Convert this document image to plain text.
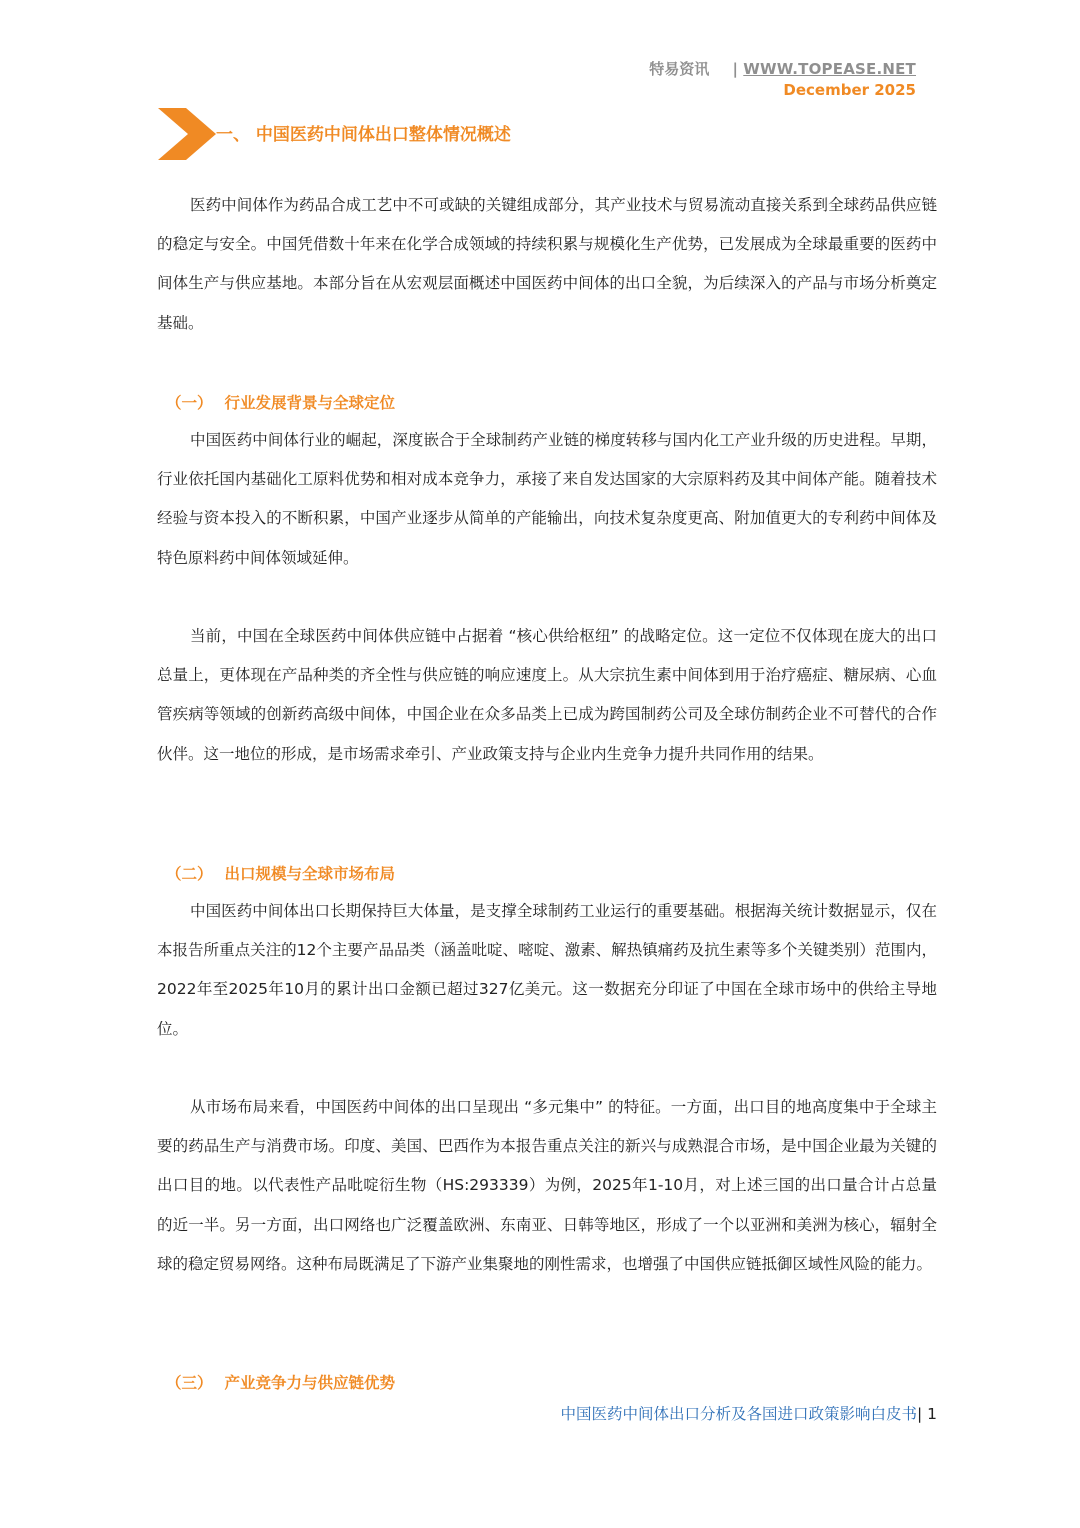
特易资讯 | WWW.TOPEASE.NET
December 2025
一、 中国医药中间体出口整体情况概述

医药中间体作为药品合成工艺中不可或缺的关键组成部分，其产业技术与贸易流动直接关系到全球药品供应链的稳定与安全。中国凭借数十年来在化学合成领域的持续积累与规模化生产优势，已发展成为全球最重要的医药中间体生产与供应基地。本部分旨在从宏观层面概述中国医药中间体的出口全貌，为后续深入的产品与市场分析奠定基础。

（一） 行业发展背景与全球定位

中国医药中间体行业的崛起，深度嵌合于全球制药产业链的梯度转移与国内化工产业升级的历史进程。早期，行业依托国内基础化工原料优势和相对成本竞争力，承接了来自发达国家的大宗原料药及其中间体产能。随着技术经验与资本投入的不断积累，中国产业逐步从简单的产能输出，向技术复杂度更高、附加值更大的专利药中间体及特色原料药中间体领域延伸。

当前，中国在全球医药中间体供应链中占据着 “核心供给枢纽” 的战略定位。这一定位不仅体现在庞大的出口总量上，更体现在产品种类的齐全性与供应链的响应速度上。从大宗抗生素中间体到用于治疗癌症、糖尿病、心血管疾病等领域的创新药高级中间体，中国企业在众多品类上已成为跨国制药公司及全球仿制药企业不可替代的合作伙伴。这一地位的形成，是市场需求牵引、产业政策支持与企业内生竞争力提升共同作用的结果。

（二） 出口规模与全球市场布局

中国医药中间体出口长期保持巨大体量，是支撑全球制药工业运行的重要基础。根据海关统计数据显示，仅在本报告所重点关注的12个主要产品品类（涵盖吡啶、嘧啶、激素、解热镇痛药及抗生素等多个关键类别）范围内，2022年至2025年10月的累计出口金额已超过327亿美元。这一数据充分印证了中国在全球市场中的供给主导地位。

从市场布局来看，中国医药中间体的出口呈现出 “多元集中” 的特征。一方面，出口目的地高度集中于全球主要的药品生产与消费市场。印度、美国、巴西作为本报告重点关注的新兴与成熟混合市场，是中国企业最为关键的出口目的地。以代表性产品吡啶衍生物（HS:293339）为例，2025年1-10月，对上述三国的出口量合计占总量的近一半。另一方面，出口网络也广泛覆盖欧洲、东南亚、日韩等地区，形成了一个以亚洲和美洲为核心，辐射全球的稳定贸易网络。这种布局既满足了下游产业集聚地的刚性需求，也增强了中国供应链抵御区域性风险的能力。

（三） 产业竞争力与供应链优势
中国医药中间体出口分析及各国进口政策影响白皮书| 1
